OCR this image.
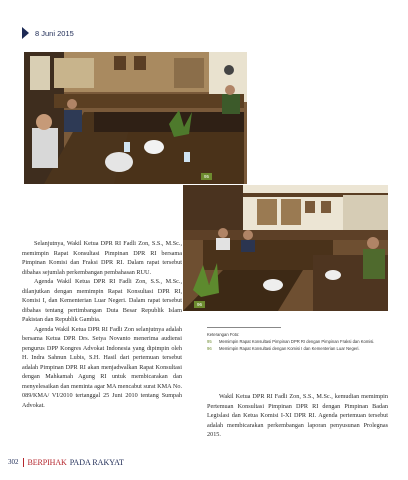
8 Juni 2015
95
96

Selanjutnya, Wakil Ketua DPR RI Fadli Zon, S.S., M.Sc., memimpin Rapat Konsultasi Pimpinan DPR RI bersama Pimpinan Komisi dan Fraksi DPR RI. Dalam rapat tersebut dibahas sejumlah perkembangan pembahasan RUU.

Agenda Wakil Ketua DPR RI Fadli Zon, S.S., M.Sc., dilanjutkan dengan memimpin Rapat Konsultasi DPR RI, Komisi I, dan Kementerian Luar Negeri. Dalam rapat tersebut dibahas tentang pertimbangan Duta Besar Republik Islam Pakistan dan Republik Gambia.

Agenda Wakil Ketua DPR RI Fadli Zon selanjutnya adalah bersama Ketua DPR Drs. Setya Novanto menerima audiensi pengurus DPP Kongres Advokat Indonesia yang dipimpin oleh H. Indra Sahnun Lubis, S.H. Hasil dari pertemuan tersebut adalah Pimpinan DPR RI akan menjadwalkan Rapat Konsultasi dengan Mahkamah Agung RI untuk membicarakan dan menyelesaikan dan meminta agar MA mencabut surat KMA No. 089/KMA/ VI/2010 tertanggal 25 Juni 2010 tentang Sumpah Advokat.

Keterangan Foto:
95	Memimpin Rapat Konsultasi Pimpinan DPR RI dengan Pimpinan Fraksi dan Komisi.
96	Memimpin Rapat Konsultasi dengan Komisi I dan Kementerian Luar Negeri.

Wakil Ketua DPR RI Fadli Zon, S.S., M.Sc., kemudian memimpin Pertemuan Konsultasi Pimpinan DPR RI dengan Pimpinan Badan Legislasi dan Ketua Komisi I-XI DPR RI. Agenda pertemuan tersebut adalah membicarakan perkembangan laporan penyusunan Prolegnas 2015.

302 BERPIHAK PADA RAKYAT
